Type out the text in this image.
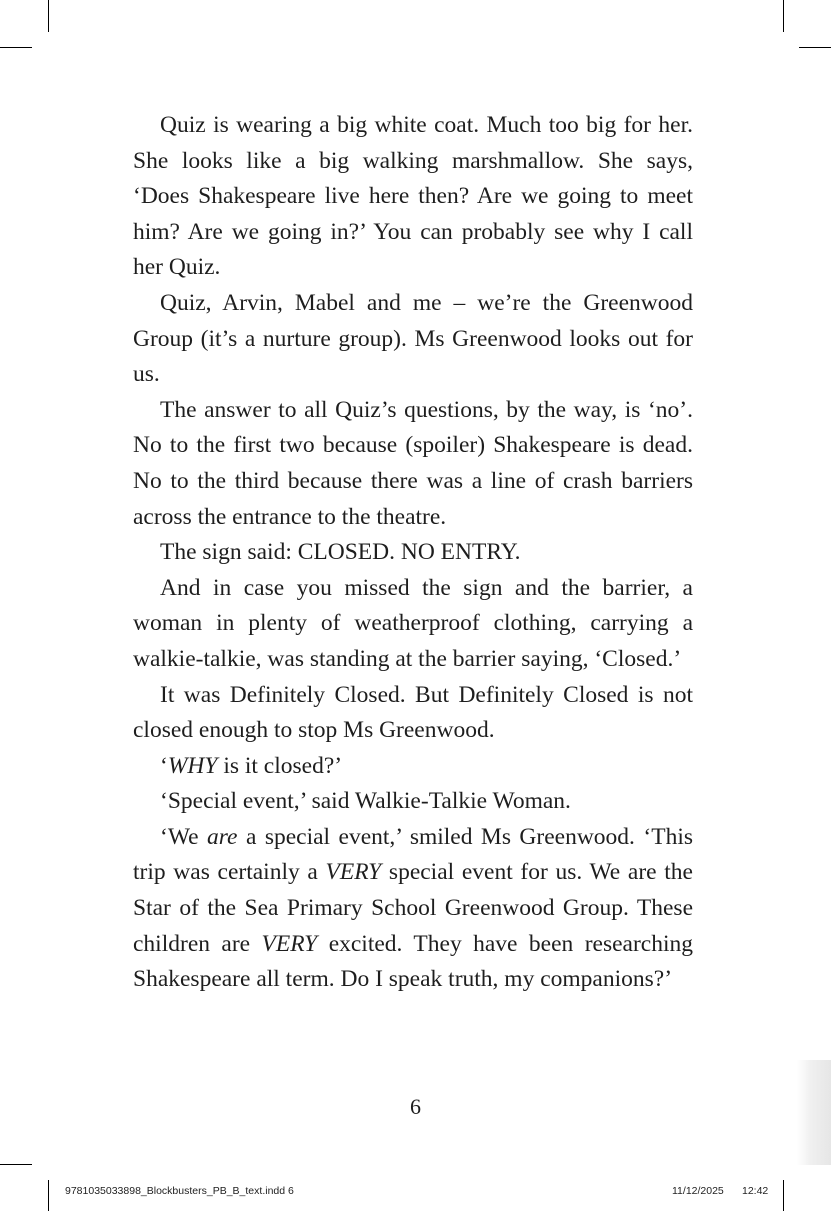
Quiz is wearing a big white coat. Much too big for her. She looks like a big walking marshmallow. She says, ‘Does Shakespeare live here then? Are we going to meet him? Are we going in?’ You can probably see why I call her Quiz.

Quiz, Arvin, Mabel and me – we’re the Greenwood Group (it’s a nurture group). Ms Greenwood looks out for us.

The answer to all Quiz’s questions, by the way, is ‘no’. No to the first two because (spoiler) Shakespeare is dead. No to the third because there was a line of crash barriers across the entrance to the theatre.

The sign said: CLOSED. NO ENTRY.

And in case you missed the sign and the barrier, a woman in plenty of weatherproof clothing, carrying a walkie-talkie, was standing at the barrier saying, ‘Closed.’

It was Definitely Closed. But Definitely Closed is not closed enough to stop Ms Greenwood.

‘WHY is it closed?’

‘Special event,’ said Walkie-Talkie Woman.

‘We are a special event,’ smiled Ms Greenwood. ‘This trip was certainly a VERY special event for us. We are the Star of the Sea Primary School Greenwood Group. These children are VERY excited. They have been researching Shakespeare all term. Do I speak truth, my companions?’

6
9781035033898_Blockbusters_PB_B_text.indd 6	11/12/2025 12:42
